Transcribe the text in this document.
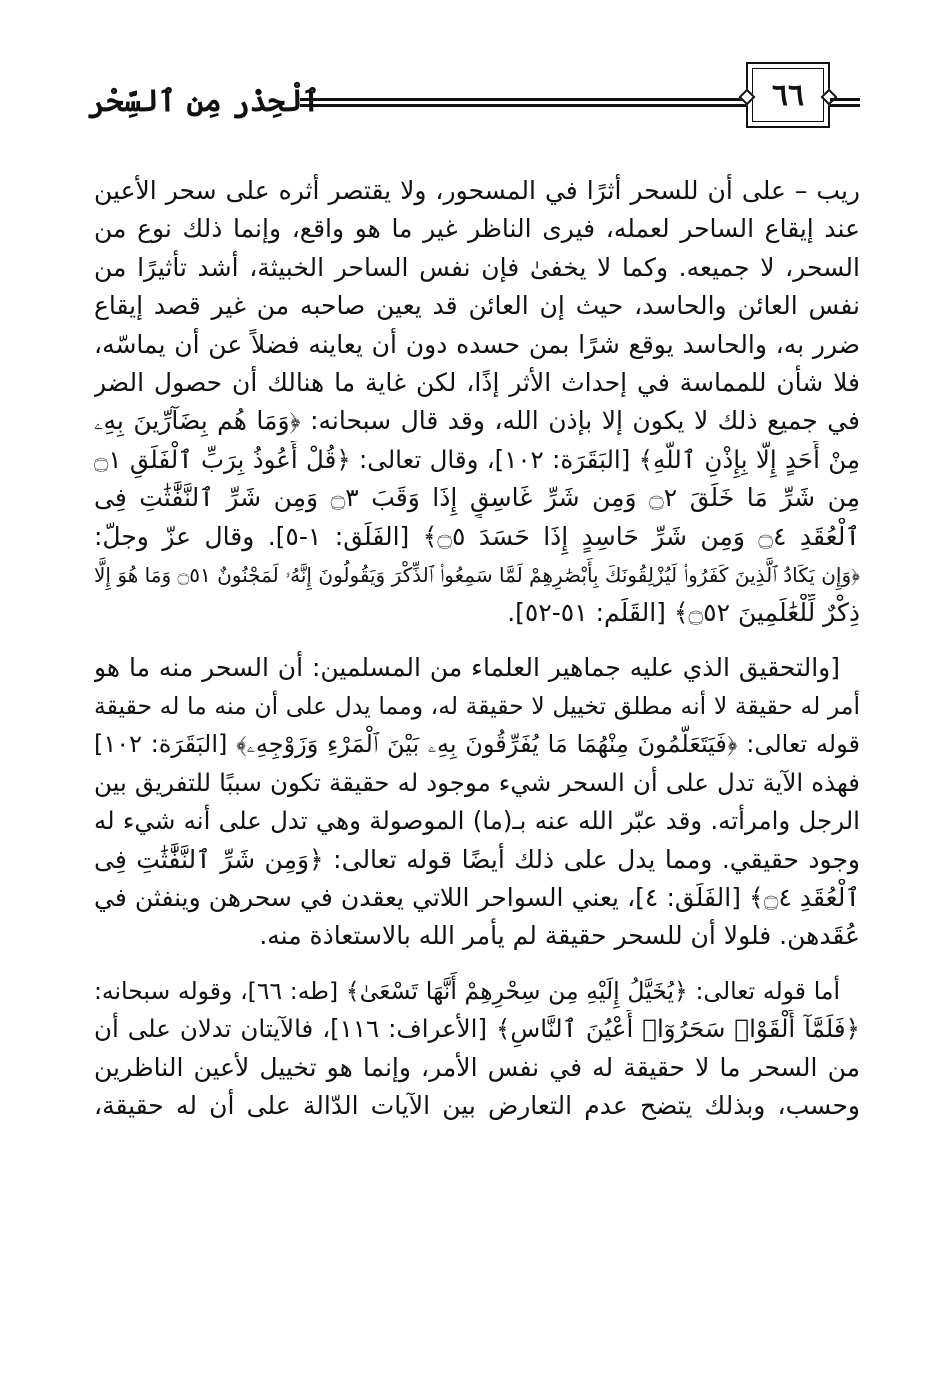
ٱلْحِذْر مِن ٱلسِّحْر	٦٦
ريب – على أن للسحر أثرًا في المسحور، ولا يقتصر أثره على سحر الأعين
عند إيقاع الساحر لعمله، فيرى الناظر غير ما هو واقع، وإنما ذلك نوع من
السحر، لا جميعه. وكما لا يخفىٰ فإن نفس الساحر الخبيثة، أشد تأثيرًا من
نفس العائن والحاسد، حيث إن العائن قد يعين صاحبه من غير قصد إيقاع
ضرر به، والحاسد يوقع شرًا بمن حسده دون أن يعاينه فضلاً عن أن يماسّه،
فلا شأن للمماسة في إحداث الأثر إذًا، لكن غاية ما هنالك أن حصول الضر
في جميع ذلك لا يكون إلا بإذن الله، وقد قال سبحانه: ﴿وَمَا هُم بِضَآرِّينَ بِهِۦ
مِنْ أَحَدٍ إِلَّا بِإِذْنِ ٱللَّهِ﴾ [البَقَرَة: ١٠٢]، وقال تعالى: ﴿قُلْ أَعُوذُ بِرَبِّ ٱلْفَلَقِ ۝١
مِن شَرِّ مَا خَلَقَ ۝٢ وَمِن شَرِّ غَاسِقٍ إِذَا وَقَبَ ۝٣ وَمِن شَرِّ ٱلنَّفَّٰثَٰتِ فِى
ٱلْعُقَدِ ۝٤ وَمِن شَرِّ حَاسِدٍ إِذَا حَسَدَ ۝٥﴾ [الفَلَق: ١-٥]. وقال عزّ وجلّ:
﴿وَإِن يَكَادُ ٱلَّذِينَ كَفَرُوا۟ لَيُزْلِقُونَكَ بِأَبْصَٰرِهِمْ لَمَّا سَمِعُوا۟ ٱلذِّكْرَ وَيَقُولُونَ إِنَّهُۥ لَمَجْنُونٌ ۝٥١ وَمَا هُوَ إِلَّا
ذِكْرٌ لِّلْعَٰلَمِينَ ۝٥٢﴾ [القَلَم: ٥١-٥٢].
[والتحقيق الذي عليه جماهير العلماء من المسلمين: أن السحر منه ما هو
أمر له حقيقة لا أنه مطلق تخييل لا حقيقة له، ومما يدل على أن منه ما له حقيقة
قوله تعالى: ﴿فَيَتَعَلَّمُونَ مِنْهُمَا مَا يُفَرِّقُونَ بِهِۦ بَيْنَ ٱلْمَرْءِ وَزَوْجِهِۦ﴾ [البَقَرَة: ١٠٢]
فهذه الآية تدل على أن السحر شيء موجود له حقيقة تكون سببًا للتفريق بين
الرجل وامرأته. وقد عبّر الله عنه بـ(ما) الموصولة وهي تدل على أنه شيء له
وجود حقيقي. ومما يدل على ذلك أيضًا قوله تعالى: ﴿وَمِن شَرِّ ٱلنَّفَّٰثَٰتِ فِى
ٱلْعُقَدِ ۝٤﴾ [الفَلَق: ٤]، يعني السواحر اللاتي يعقدن في سحرهن وينفثن في
عُقَدهن. فلولا أن للسحر حقيقة لم يأمر الله بالاستعاذة منه.
أما قوله تعالى: ﴿يُخَيَّلُ إِلَيْهِ مِن سِحْرِهِمْ أَنَّهَا تَسْعَىٰ﴾ [طه: ٦٦]، وقوله سبحانه:
﴿فَلَمَّآ أَلْقَوْا۟ سَحَرُوٓا۟ أَعْيُنَ ٱلنَّاسِ﴾ [الأعراف: ١١٦]، فالآيتان تدلان على أن
من السحر ما لا حقيقة له في نفس الأمر، وإنما هو تخييل لأعين الناظرين
وحسب، وبذلك يتضح عدم التعارض بين الآيات الدّالة على أن له حقيقة،
